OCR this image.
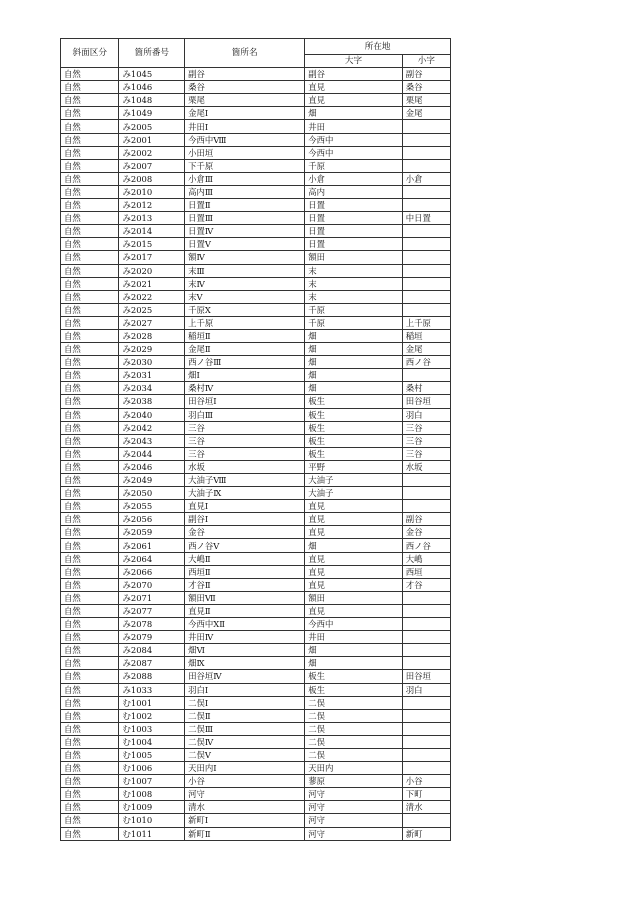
斜面区分	箇所番号	箇所名	所在地	
			大字	小字
自然	み1045	副谷	副谷	副谷
自然	み1046	桑谷	直見	桑谷
自然	み1048	栗尾	直見	栗尾
自然	み1049	金尾Ⅰ	畑	金尾
自然	み2005	井田Ⅰ	井田	
自然	み2001	今西中Ⅷ	今西中	
自然	み2002	小田垣	今西中	
自然	み2007	下千原	千原	
自然	み2008	小倉Ⅲ	小倉	小倉
自然	み2010	高内Ⅲ	高内	
自然	み2012	日置Ⅱ	日置	
自然	み2013	日置Ⅲ	日置	中日置
自然	み2014	日置Ⅳ	日置	
自然	み2015	日置Ⅴ	日置	
自然	み2017	額Ⅳ	額田	
自然	み2020	末Ⅲ	末	
自然	み2021	末Ⅳ	末	
自然	み2022	末Ⅴ	末	
自然	み2025	千原Ⅹ	千原	
自然	み2027	上千原	千原	上千原
自然	み2028	稲垣Ⅱ	畑	稲垣
自然	み2029	金尾Ⅱ	畑	金尾
自然	み2030	西ノ谷Ⅲ	畑	西ノ谷
自然	み2031	畑Ⅰ	畑	
自然	み2034	桑村Ⅳ	畑	桑村
自然	み2038	田谷垣Ⅰ	板生	田谷垣
自然	み2040	羽白Ⅲ	板生	羽白
自然	み2042	三谷	板生	三谷
自然	み2043	三谷	板生	三谷
自然	み2044	三谷	板生	三谷
自然	み2046	水坂	平野	水坂
自然	み2049	大油子Ⅷ	大油子	
自然	み2050	大油子Ⅸ	大油子	
自然	み2055	直見Ⅰ	直見	
自然	み2056	副谷Ⅰ	直見	副谷
自然	み2059	金谷	直見	金谷
自然	み2061	西ノ谷Ⅴ	畑	西ノ谷
自然	み2064	大嶋Ⅱ	直見	大嶋
自然	み2066	西垣Ⅱ	直見	西垣
自然	み2070	才谷Ⅱ	直見	才谷
自然	み2071	額田Ⅶ	額田	
自然	み2077	直見Ⅱ	直見	
自然	み2078	今西中ⅩⅡ	今西中	
自然	み2079	井田Ⅳ	井田	
自然	み2084	畑Ⅵ	畑	
自然	み2087	畑Ⅸ	畑	
自然	み2088	田谷垣Ⅳ	板生	田谷垣
自然	み1033	羽白Ⅰ	板生	羽白
自然	む1001	二俣Ⅰ	二俣	
自然	む1002	二俣Ⅱ	二俣	
自然	む1003	二俣Ⅲ	二俣	
自然	む1004	二俣Ⅳ	二俣	
自然	む1005	二俣Ⅴ	二俣	
自然	む1006	天田内Ⅰ	天田内	
自然	む1007	小谷	蓼原	小谷
自然	む1008	河守	河守	下町
自然	む1009	清水	河守	清水
自然	む1010	新町Ⅰ	河守	
自然	む1011	新町Ⅱ	河守	新町
